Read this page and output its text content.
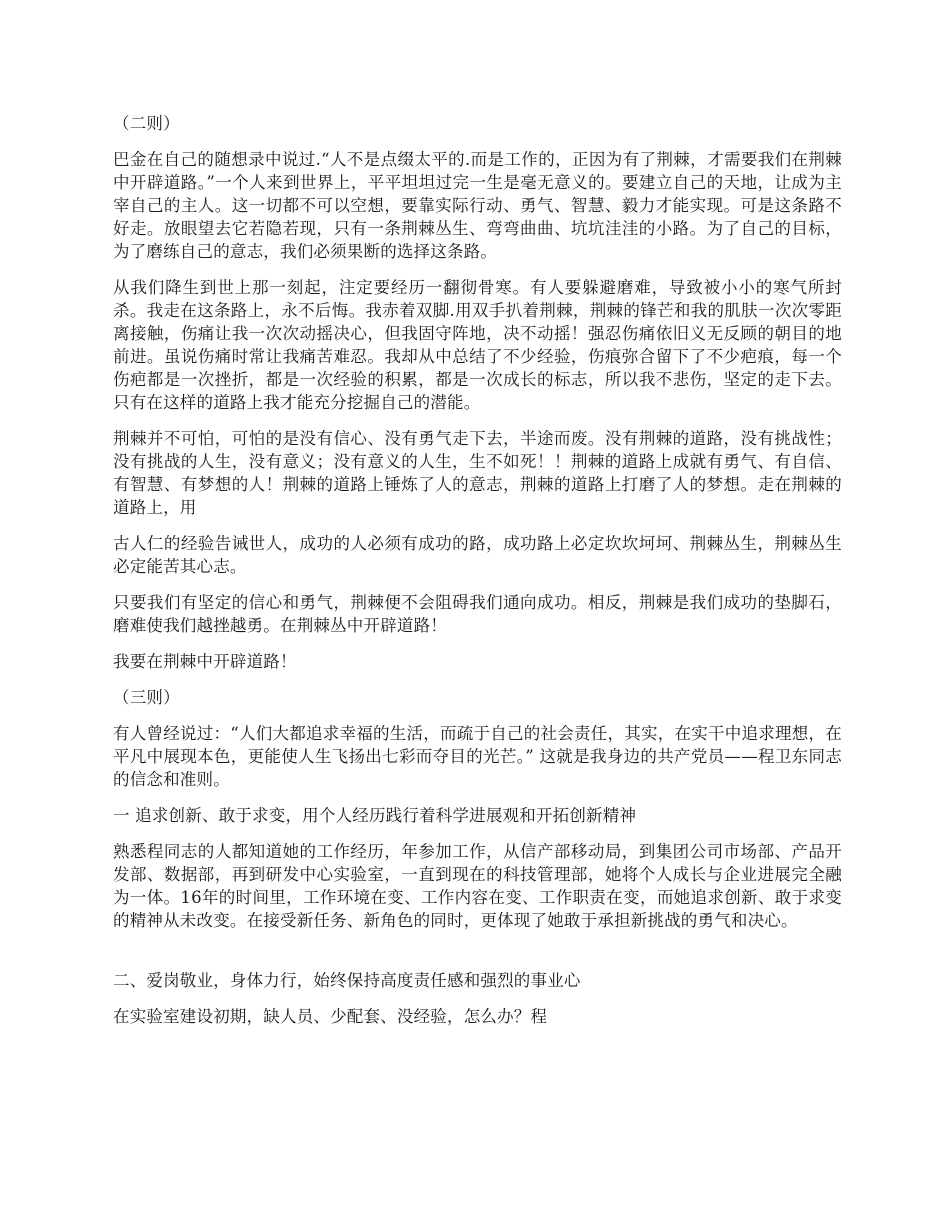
（二则）

巴金在自己的随想录中说过.“人不是点缀太平的.而是工作的，正因为有了荆棘，才需要我们在荆棘中开辟道路。”一个人来到世界上，平平坦坦过完一生是毫无意义的。要建立自己的天地，让成为主宰自己的主人。这一切都不可以空想，要靠实际行动、勇气、智慧、毅力才能实现。可是这条路不好走。放眼望去它若隐若现，只有一条荆棘丛生、弯弯曲曲、坑坑洼洼的小路。为了自己的目标，为了磨练自己的意志，我们必须果断的选择这条路。

从我们降生到世上那一刻起，注定要经历一翻彻骨寒。有人要躲避磨难，导致被小小的寒气所封杀。我走在这条路上，永不后悔。我赤着双脚.用双手扒着荆棘，荆棘的锋芒和我的肌肤一次次零距离接触，伤痛让我一次次动摇决心，但我固守阵地，决不动摇！强忍伤痛依旧义无反顾的朝目的地前进。虽说伤痛时常让我痛苦难忍。我却从中总结了不少经验，伤痕弥合留下了不少疤痕，每一个伤疤都是一次挫折，都是一次经验的积累，都是一次成长的标志，所以我不悲伤，坚定的走下去。只有在这样的道路上我才能充分挖掘自己的潜能。

荆棘并不可怕，可怕的是没有信心、没有勇气走下去，半途而废。没有荆棘的道路，没有挑战性；没有挑战的人生，没有意义；没有意义的人生，生不如死！！荆棘的道路上成就有勇气、有自信、有智慧、有梦想的人！荆棘的道路上锤炼了人的意志，荆棘的道路上打磨了人的梦想。走在荆棘的道路上，用

古人仁的经验告诫世人，成功的人必须有成功的路，成功路上必定坎坎坷坷、荆棘丛生，荆棘丛生必定能苦其心志。

只要我们有坚定的信心和勇气，荆棘便不会阻碍我们通向成功。相反，荆棘是我们成功的垫脚石，磨难使我们越挫越勇。在荆棘丛中开辟道路！

我要在荆棘中开辟道路！

（三则）

有人曾经说过：“人们大都追求幸福的生活，而疏于自己的社会责任，其实，在实干中追求理想，在平凡中展现本色，更能使人生飞扬出七彩而夺目的光芒。” 这就是我身边的共产党员——程卫东同志的信念和准则。

一 追求创新、敢于求变，用个人经历践行着科学进展观和开拓创新精神

熟悉程同志的人都知道她的工作经历，年参加工作，从信产部移动局，到集团公司市场部、产品开发部、数据部，再到研发中心实验室，一直到现在的科技管理部，她将个人成长与企业进展完全融为一体。16年的时间里，工作环境在变、工作内容在变、工作职责在变，而她追求创新、敢于求变的精神从未改变。在接受新任务、新角色的同时，更体现了她敢于承担新挑战的勇气和决心。

二、爱岗敬业，身体力行，始终保持高度责任感和强烈的事业心

在实验室建设初期，缺人员、少配套、没经验，怎么办？程
